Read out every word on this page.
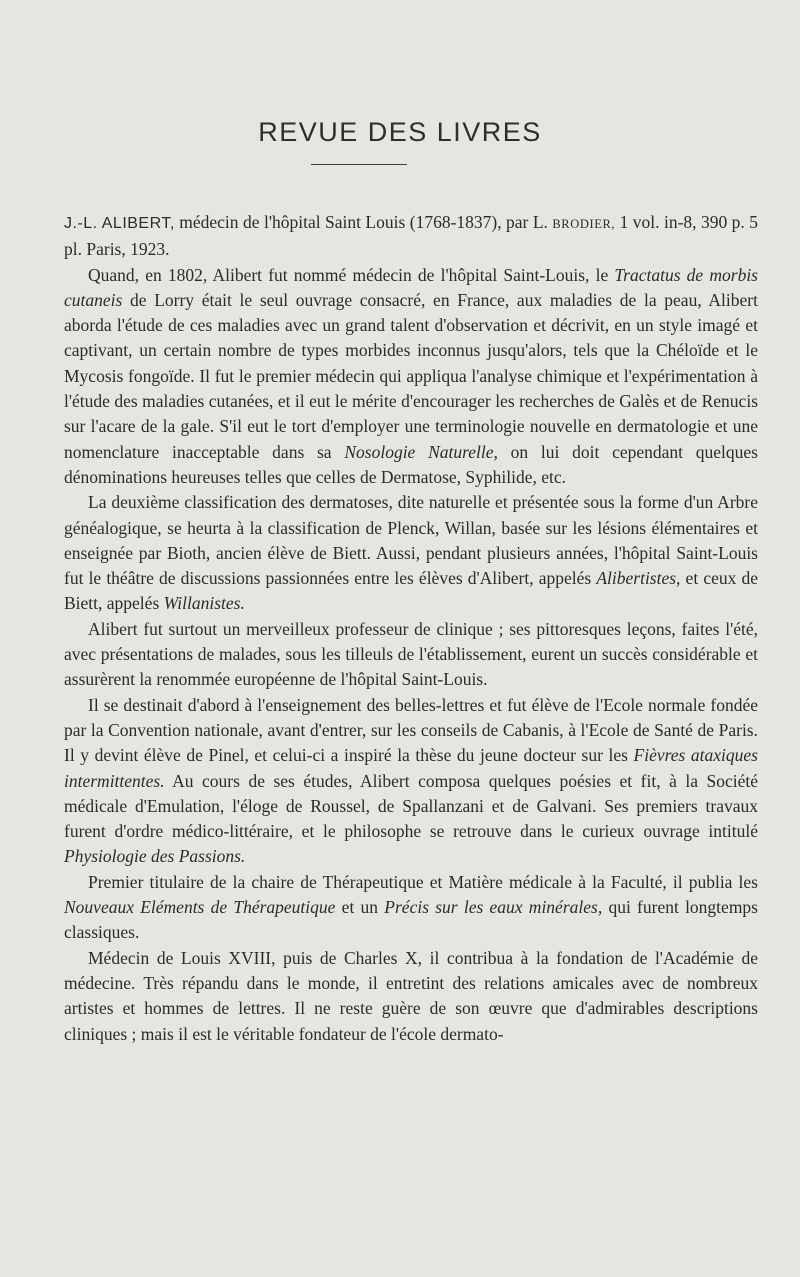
REVUE DES LIVRES

J.-L. ALIBERT, médecin de l'hôpital Saint Louis (1768-1837), par L. BRODIER, 1 vol. in-8, 390 p. 5 pl. Paris, 1923.

Quand, en 1802, Alibert fut nommé médecin de l'hôpital Saint-Louis, le Tractatus de morbis cutaneis de Lorry était le seul ouvrage consacré, en France, aux maladies de la peau, Alibert aborda l'étude de ces maladies avec un grand talent d'observation et décrivit, en un style imagé et captivant, un certain nombre de types morbides inconnus jusqu'alors, tels que la Chéloïde et le Mycosis fongoïde. Il fut le premier médecin qui appliqua l'analyse chimique et l'expérimentation à l'étude des maladies cutanées, et il eut le mérite d'encourager les recherches de Galès et de Renucis sur l'acare de la gale. S'il eut le tort d'employer une terminologie nouvelle en dermatologie et une nomenclature inacceptable dans sa Nosologie Naturelle, on lui doit cependant quelques dénominations heureuses telles que celles de Dermatose, Syphilide, etc.

La deuxième classification des dermatoses, dite naturelle et présentée sous la forme d'un Arbre généalogique, se heurta à la classification de Plenck, Willan, basée sur les lésions élémentaires et enseignée par Bioth, ancien élève de Biett. Aussi, pendant plusieurs années, l'hôpital Saint-Louis fut le théâtre de discussions passionnées entre les élèves d'Alibert, appelés Alibertistes, et ceux de Biett, appelés Willanistes.

Alibert fut surtout un merveilleux professeur de clinique ; ses pittoresques leçons, faites l'été, avec présentations de malades, sous les tilleuls de l'établissement, eurent un succès considérable et assurèrent la renommée européenne de l'hôpital Saint-Louis.

Il se destinait d'abord à l'enseignement des belles-lettres et fut élève de l'Ecole normale fondée par la Convention nationale, avant d'entrer, sur les conseils de Cabanis, à l'Ecole de Santé de Paris. Il y devint élève de Pinel, et celui-ci a inspiré la thèse du jeune docteur sur les Fièvres ataxiques intermittentes. Au cours de ses études, Alibert composa quelques poésies et fit, à la Société médicale d'Emulation, l'éloge de Roussel, de Spallanzani et de Galvani. Ses premiers travaux furent d'ordre médico-littéraire, et le philosophe se retrouve dans le curieux ouvrage intitulé Physiologie des Passions.

Premier titulaire de la chaire de Thérapeutique et Matière médicale à la Faculté, il publia les Nouveaux Eléments de Thérapeutique et un Précis sur les eaux minérales, qui furent longtemps classiques.

Médecin de Louis XVIII, puis de Charles X, il contribua à la fondation de l'Académie de médecine. Très répandu dans le monde, il entretint des relations amicales avec de nombreux artistes et hommes de lettres. Il ne reste guère de son œuvre que d'admirables descriptions cliniques ; mais il est le véritable fondateur de l'école dermato-
